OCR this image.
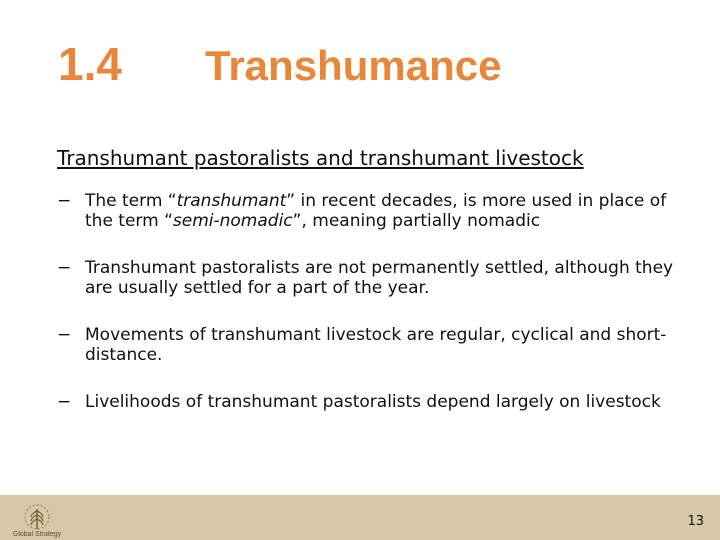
1.4 Transhumance
Transhumant pastoralists and transhumant livestock
− The term “transhumant” in recent decades, is more used in place of the term “semi-nomadic”, meaning partially nomadic
− Transhumant pastoralists are not permanently settled, although they are usually settled for a part of the year.
− Movements of transhumant livestock are regular, cyclical and short-distance.
− Livelihoods of transhumant pastoralists depend largely on livestock
Global Strategy
13
